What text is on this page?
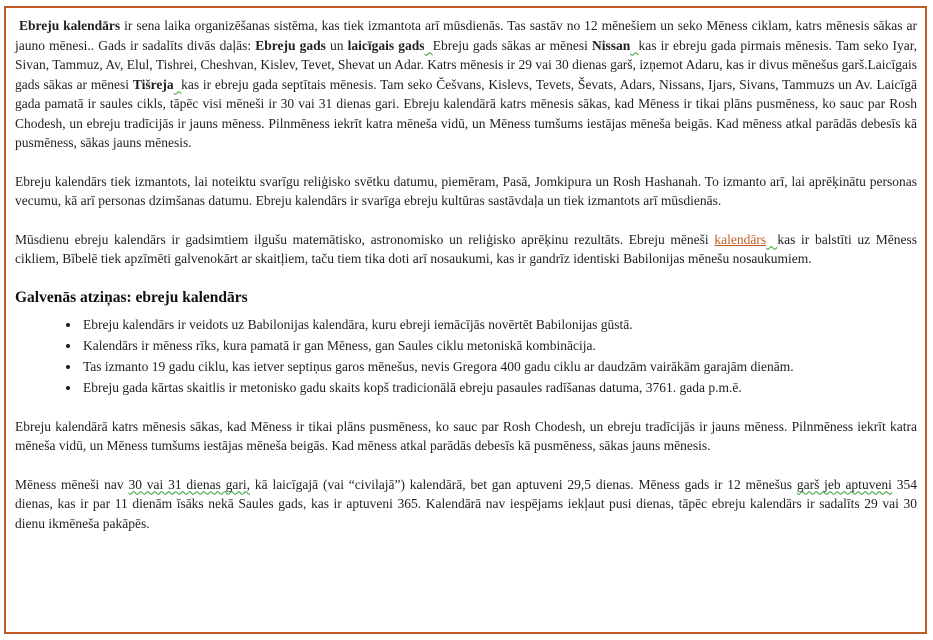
Ebreju kalendārs ir sena laika organizēšanas sistēma, kas tiek izmantota arī mūsdienās. Tas sastāv no 12 mēnešiem un seko Mēness ciklam, katrs mēnesis sākas ar jauno mēnesi.. Gads ir sadalīts divās daļās: Ebreju gads un laicīgais gads Ebreju gads sākas ar mēnesi Nissan kas ir ebreju gada pirmais mēnesis. Tam seko Iyar, Sivan, Tammuz, Av, Elul, Tishrei, Cheshvan, Kislev, Tevet, Shevat un Adar. Katrs mēnesis ir 29 vai 30 dienas garš, izņemot Adaru, kas ir divus mēnešus garš.Laicīgais gads sākas ar mēnesi Tišreja kas ir ebreju gada septītais mēnesis. Tam seko Češvans, Kislevs, Tevets, Ševats, Adars, Nissans, Ijars, Sivans, Tammuzs un Av. Laicīgā gada pamatā ir saules cikls, tāpēc visi mēneši ir 30 vai 31 dienas gari. Ebreju kalendārā katrs mēnesis sākas, kad Mēness ir tikai plāns pusmēness, ko sauc par Rosh Chodesh, un ebreju tradīcijās ir jauns mēness. Pilnmēness iekrīt katra mēneša vidū, un Mēness tumšums iestājas mēneša beigās. Kad mēness atkal parādās debesīs kā pusmēness, sākas jauns mēnesis.

Ebreju kalendārs tiek izmantots, lai noteiktu svarīgu reliģisko svētku datumu, piemēram, Pasā, Jomkipura un Rosh Hashanah. To izmanto arī, lai aprēķinātu personas vecumu, kā arī personas dzimšanas datumu. Ebreju kalendārs ir svarīga ebreju kultūras sastāvdaļa un tiek izmantots arī mūsdienās.

Mūsdienu ebreju kalendārs ir gadsimtiem ilgušu matemātisko, astronomisko un reliģisko aprēķinu rezultāts. Ebreju mēneši kalendārs kas ir balstīti uz Mēness cikliem, Bībelē tiek apzīmēti galvenokārt ar skaitļiem, taču tiem tika doti arī nosaukumi, kas ir gandrīz identiski Babilonijas mēnešu nosaukumiem.

Galvenās atziņas: ebreju kalendārs
• Ebreju kalendārs ir veidots uz Babilonijas kalendāra, kuru ebreji iemācījās novērtēt Babilonijas gūstā.
• Kalendārs ir mēness rīks, kura pamatā ir gan Mēness, gan Saules ciklu metoniskā kombinācija.
• Tas izmanto 19 gadu ciklu, kas ietver septiņus garos mēnešus, nevis Gregora 400 gadu ciklu ar daudzām vairākām garajām dienām.
• Ebreju gada kārtas skaitlis ir metonisko gadu skaits kopš tradicionālā ebreju pasaules radīšanas datuma, 3761. gada p.m.ē.

Ebreju kalendārā katrs mēnesis sākas, kad Mēness ir tikai plāns pusmēness, ko sauc par Rosh Chodesh, un ebreju tradīcijās ir jauns mēness. Pilnmēness iekrīt katra mēneša vidū, un Mēness tumšums iestājas mēneša beigās. Kad mēness atkal parādās debesīs kā pusmēness, sākas jauns mēnesis.

Mēness mēneši nav 30 vai 31 dienas gari, kā laicīgajā (vai “civilajā”) kalendārā, bet gan aptuveni 29,5 dienas. Mēness gads ir 12 mēnešus garš jeb aptuveni 354 dienas, kas ir par 11 dienām īsāks nekā Saules gads, kas ir aptuveni 365. Kalendārā nav iespējams iekļaut pusi dienas, tāpēc ebreju kalendārs ir sadalīts 29 vai 30 dienu ikmēneša pakāpēs.
